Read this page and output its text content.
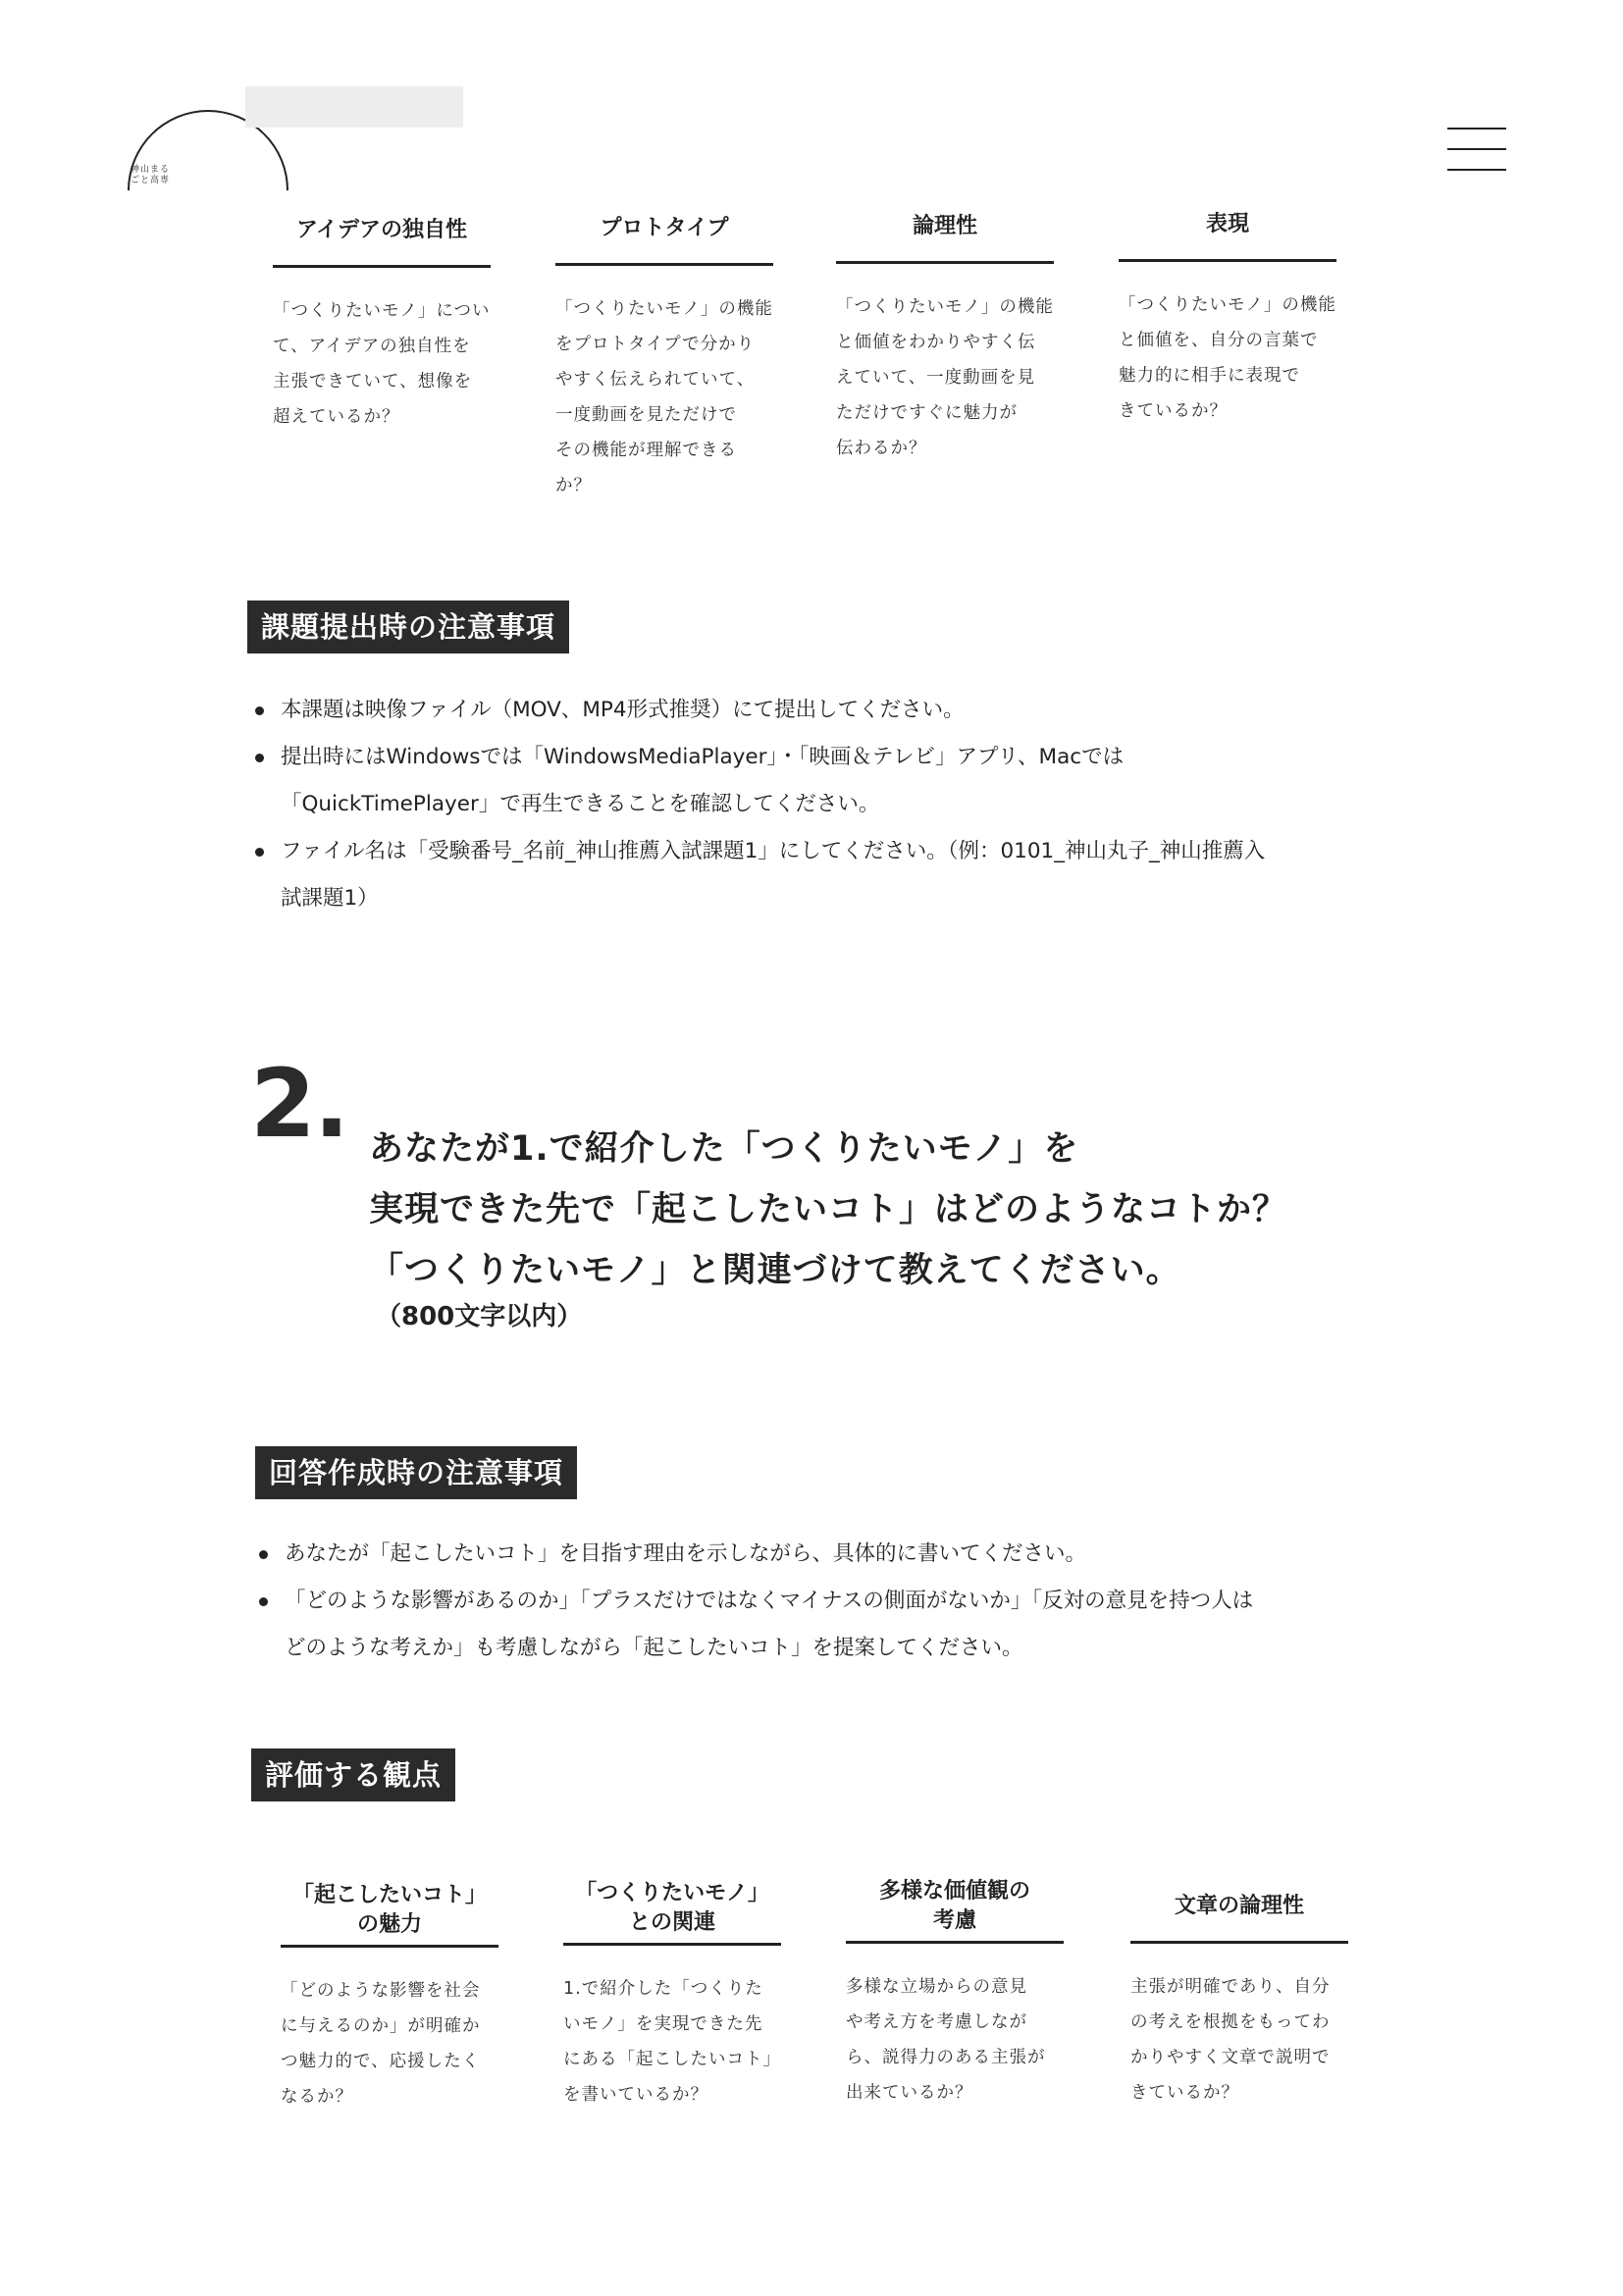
神山まるごと高専
アイデアの独自性
「つくりたいモノ」につい
て、アイデアの独自性を
主張できていて、想像を
超えているか？
プロトタイプ
「つくりたいモノ」の機能
をプロトタイプで分かり
やすく伝えられていて、
一度動画を見ただけで
その機能が理解できる
か？
論理性
「つくりたいモノ」の機能
と価値をわかりやすく伝
えていて、一度動画を見
ただけですぐに魅力が
伝わるか？
表現
「つくりたいモノ」の機能
と価値を、自分の言葉で
魅力的に相手に表現で
きているか？
課題提出時の注意事項
本課題は映像ファイル（MOV、MP4形式推奨）にて提出してください。
提出時にはWindowsでは「WindowsMediaPlayer」・「映画＆テレビ」アプリ、Macでは
「QuickTimePlayer」で再生できることを確認してください。
ファイル名は「受験番号_名前_神山推薦入試課題1」にしてください。（例：0101_神山丸子_神山推薦入
試課題1）
2. あなたが1.で紹介した「つくりたいモノ」を
実現できた先で「起こしたいコト」はどのようなコトか？
「つくりたいモノ」と関連づけて教えてください。
（800文字以内）
回答作成時の注意事項
あなたが「起こしたいコト」を目指す理由を示しながら、具体的に書いてください。
「どのような影響があるのか」「プラスだけではなくマイナスの側面がないか」「反対の意見を持つ人は
どのような考えか」も考慮しながら「起こしたいコト」を提案してください。
評価する観点
「起こしたいコト」
の魅力
「どのような影響を社会
に与えるのか」が明確か
つ魅力的で、応援したく
なるか？
「つくりたいモノ」
との関連
1.で紹介した「つくりた
いモノ」を実現できた先
にある「起こしたいコト」
を書いているか？
多様な価値観の
考慮
多様な立場からの意見
や考え方を考慮しなが
ら、説得力のある主張が
出来ているか？
文章の論理性
主張が明確であり、自分
の考えを根拠をもってわ
かりやすく文章で説明で
きているか？
